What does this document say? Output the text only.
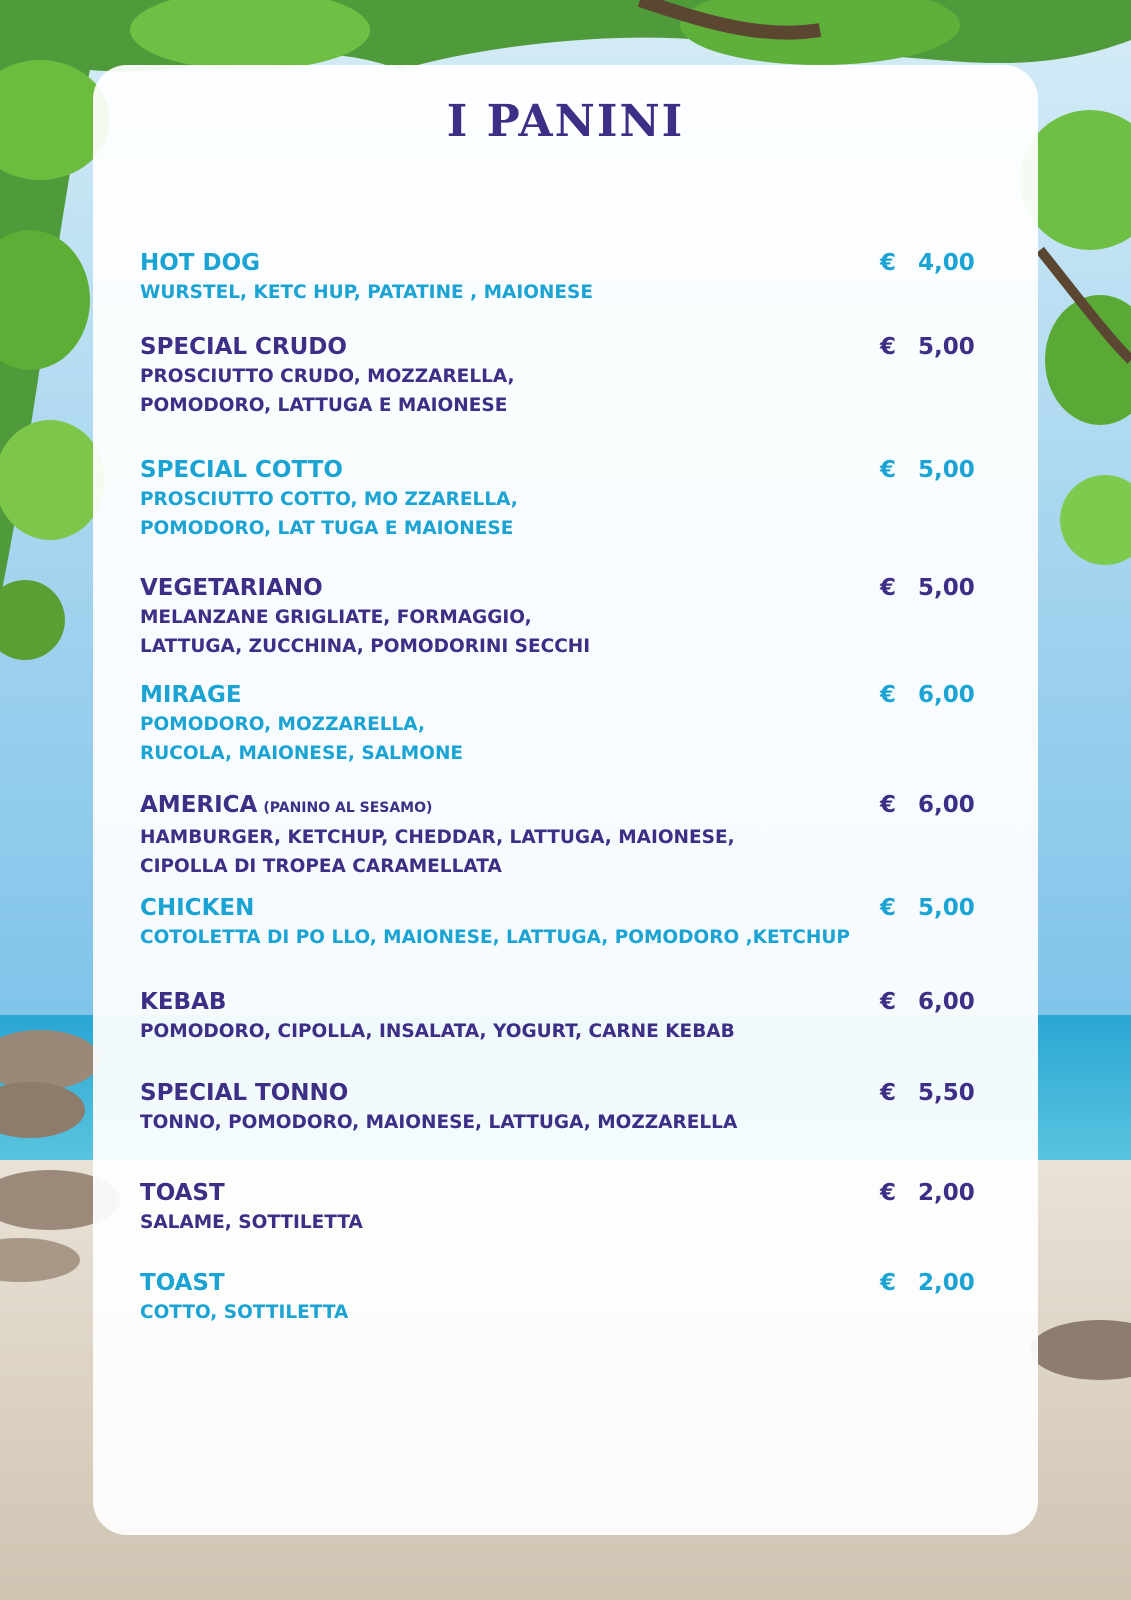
I PANINI
HOT DOG
WURSTEL, KETC HUP, PATATINE , MAIONESE
€ 4,00
SPECIAL CRUDO
PROSCIUTTO CRUDO, MOZZARELLA,
POMODORO, LATTUGA E MAIONESE
€ 5,00
SPECIAL COTTO
PROSCIUTTO COTTO, MO ZZARELLA,
POMODORO, LAT TUGA E MAIONESE
€ 5,00
VEGETARIANO
MELANZANE GRIGLIATE, FORMAGGIO,
LATTUGA, ZUCCHINA, POMODORINI SECCHI
€ 5,00
MIRAGE
POMODORO, MOZZARELLA,
RUCOLA, MAIONESE, SALMONE
€ 6,00
AMERICA (PANINO AL SESAMO)
HAMBURGER, KETCHUP, CHEDDAR, LATTUGA, MAIONESE,
CIPOLLA DI TROPEA CARAMELLATA
€ 6,00
CHICKEN
COTOLETTA DI PO LLO, MAIONESE, LATTUGA, POMODORO ,KETCHUP
€ 5,00
KEBAB
POMODORO, CIPOLLA, INSALATA, YOGURT, CARNE KEBAB
€ 6,00
SPECIAL TONNO
TONNO, POMODORO, MAIONESE, LATTUGA, MOZZARELLA
€ 5,50
TOAST
SALAME, SOTTILETTA
€ 2,00
TOAST
COTTO, SOTTILETTA
€ 2,00
